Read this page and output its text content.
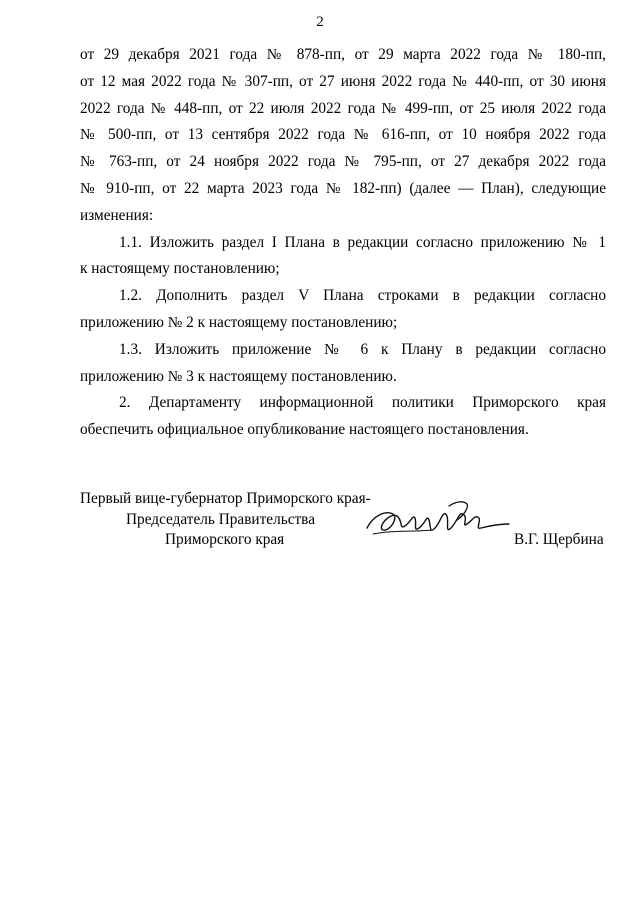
2
от 29 декабря 2021 года № 878-пп, от 29 марта 2022 года № 180-пп,
от 12 мая 2022 года № 307-пп, от 27 июня 2022 года № 440-пп, от 30 июня
2022 года № 448-пп, от 22 июля 2022 года № 499-пп, от 25 июля 2022 года
№ 500-пп, от 13 сентября 2022 года № 616-пп, от 10 ноября 2022 года
№ 763-пп, от 24 ноября 2022 года № 795-пп, от 27 декабря 2022 года
№ 910-пп, от 22 марта 2023 года № 182-пп) (далее — План), следующие
изменения:
1.1. Изложить раздел I Плана в редакции согласно приложению № 1
к настоящему постановлению;
1.2. Дополнить раздел V Плана строками в редакции согласно
приложению № 2 к настоящему постановлению;
1.3. Изложить приложение № 6 к Плану в редакции согласно
приложению № 3 к настоящему постановлению.
2. Департаменту информационной политики Приморского края
обеспечить официальное опубликование настоящего постановления.
Первый вице-губернатор Приморского края-
Председатель Правительства
Приморского края	В.Г. Щербина
